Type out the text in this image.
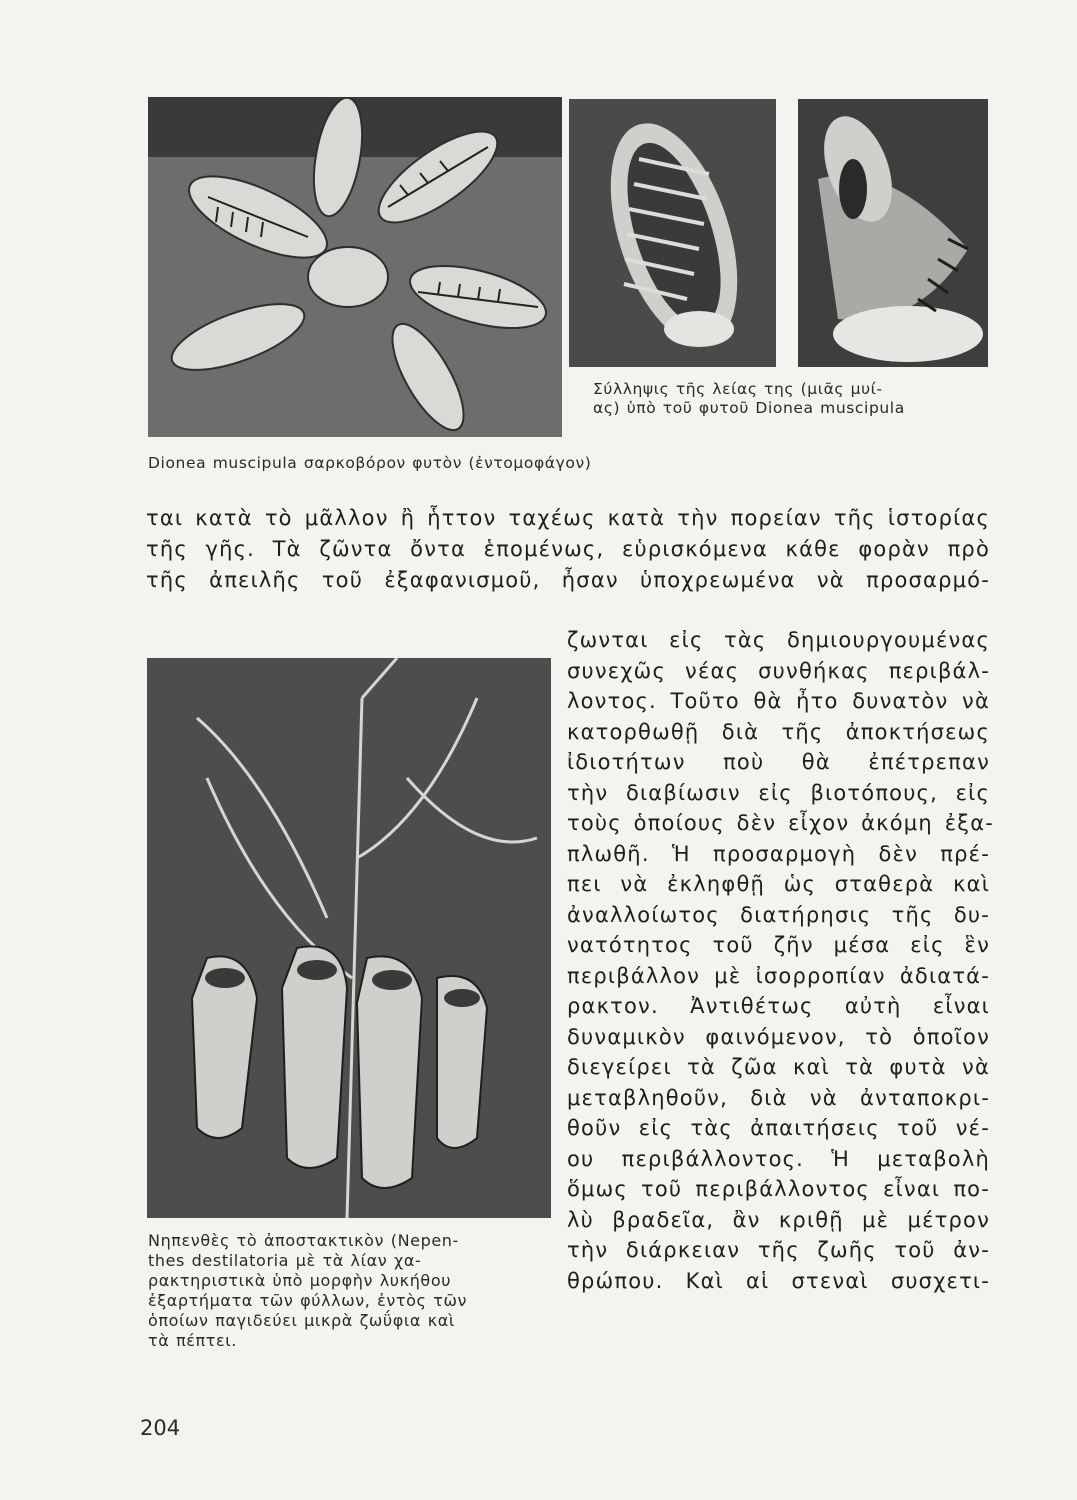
Σύλληψις τῆς λείας της (μιᾶς μυί-
ας) ὑπὸ τοῦ φυτοῦ Dionea muscipula
Dionea muscipula σαρκοβόρον φυτὸν (ἐντομοφάγον)
ται κατὰ τὸ μᾶλλον ἢ ἧττον ταχέως κατὰ τὴν πορείαν τῆς ἱστορίας
τῆς γῆς. Τὰ ζῶντα ὄντα ἑπομένως, εὑρισκόμενα κάθε φορὰν πρὸ
τῆς ἀπειλῆς τοῦ ἐξαφανισμοῦ, ἦσαν ὑποχρεωμένα νὰ προσαρμό-
Νηπενθὲς τὸ ἀποστακτικὸν (Nepen-
thes destilatoria μὲ τὰ λίαν χα-
ρακτηριστικὰ ὑπὸ μορφὴν λυκήθου
ἐξαρτήματα τῶν φύλλων, ἐντὸς τῶν
ὁποίων παγιδεύει μικρὰ ζωΰφια καὶ
τὰ πέπτει.
ζωνται εἰς τὰς δημιουργουμένας
συνεχῶς νέας συνθήκας περιβάλ-
λοντος. Τοῦτο θὰ ἦτο δυνατὸν νὰ
κατορθωθῇ διὰ τῆς ἀποκτήσεως
ἰδιοτήτων ποὺ θὰ ἐπέτρεπαν
τὴν διαβίωσιν εἰς βιοτόπους, εἰς
τοὺς ὁποίους δὲν εἶχον ἀκόμη ἐξα-
πλωθῆ. Ἡ προσαρμογὴ δὲν πρέ-
πει νὰ ἐκληφθῇ ὡς σταθερὰ καὶ
ἀναλλοίωτος διατήρησις τῆς δυ-
νατότητος τοῦ ζῆν μέσα εἰς ἓν
περιβάλλον μὲ ἰσορροπίαν ἀδιατά-
ρακτον. Ἀντιθέτως αὐτὴ εἶναι
δυναμικὸν φαινόμενον, τὸ ὁποῖον
διεγείρει τὰ ζῶα καὶ τὰ φυτὰ νὰ
μεταβληθοῦν, διὰ νὰ ἀνταποκρι-
θοῦν εἰς τὰς ἀπαιτήσεις τοῦ νέ-
ου περιβάλλοντος. Ἡ μεταβολὴ
ὅμως τοῦ περιβάλλοντος εἶναι πο-
λὺ βραδεῖα, ἂν κριθῇ μὲ μέτρον
τὴν διάρκειαν τῆς ζωῆς τοῦ ἀν-
θρώπου. Καὶ αἱ στεναὶ συσχετι-
204
